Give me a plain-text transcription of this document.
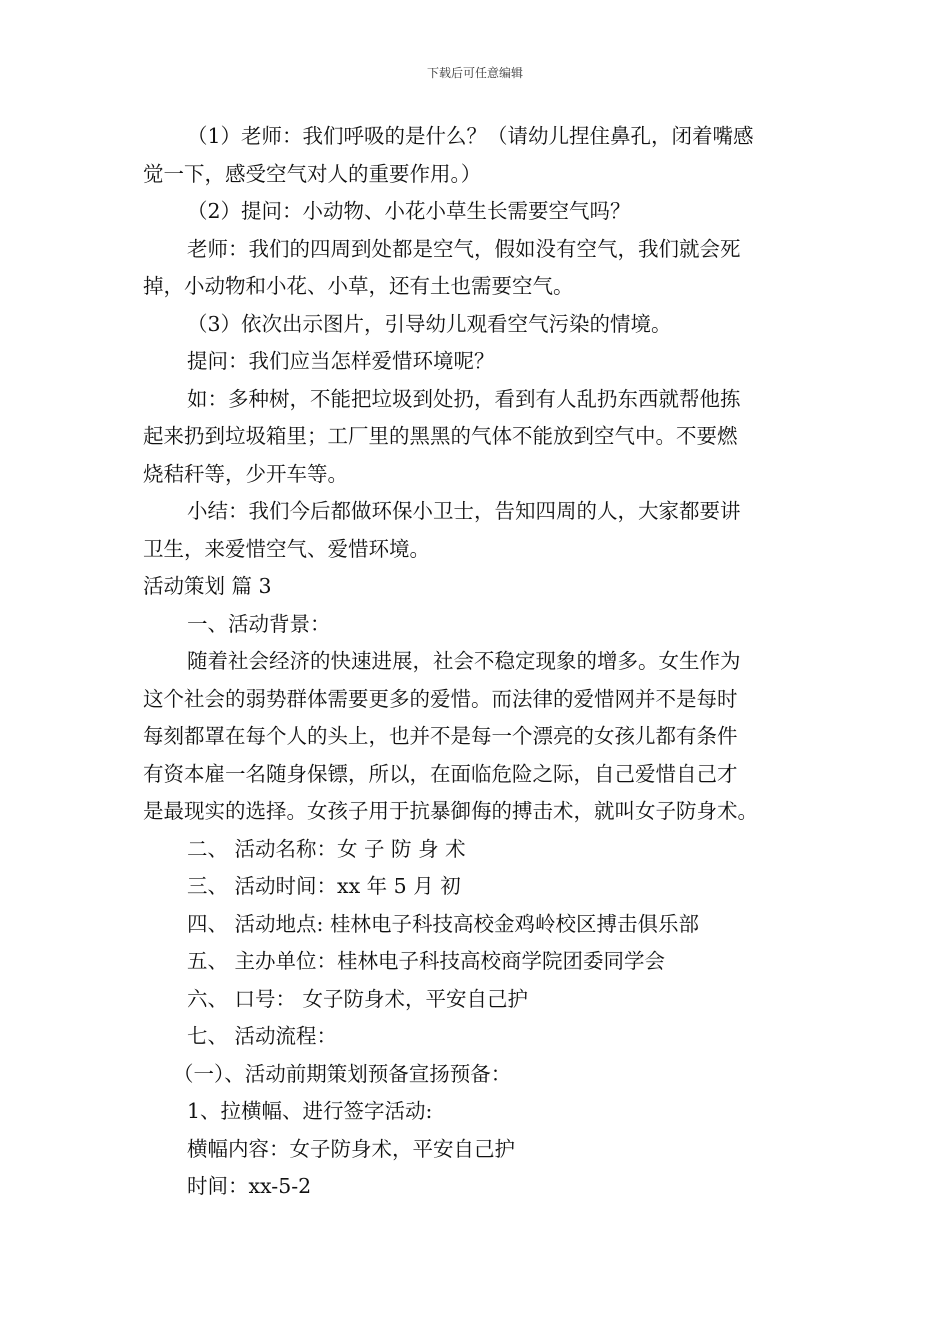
下载后可任意编辑
（1）老师：我们呼吸的是什么？（请幼儿捏住鼻孔，闭着嘴感
觉一下，感受空气对人的重要作用。）
（2）提问：小动物、小花小草生长需要空气吗？
老师：我们的四周到处都是空气，假如没有空气，我们就会死
掉，小动物和小花、小草，还有土也需要空气。
（3）依次出示图片，引导幼儿观看空气污染的情境。
提问：我们应当怎样爱惜环境呢？
如：多种树，不能把垃圾到处扔，看到有人乱扔东西就帮他拣
起来扔到垃圾箱里；工厂里的黑黑的气体不能放到空气中。不要燃
烧秸秆等，少开车等。
小结：我们今后都做环保小卫士，告知四周的人，大家都要讲
卫生，来爱惜空气、爱惜环境。
活动策划 篇 3
一、活动背景：
随着社会经济的快速进展，社会不稳定现象的增多。女生作为
这个社会的弱势群体需要更多的爱惜。而法律的爱惜网并不是每时
每刻都罩在每个人的头上，也并不是每一个漂亮的女孩儿都有条件
有资本雇一名随身保镖，所以，在面临危险之际，自己爱惜自己才
是最现实的选择。女孩子用于抗暴御侮的搏击术，就叫女子防身术。
二、 活动名称：女 子 防 身 术
三、 活动时间：xx 年 5 月 初
四、 活动地点: 桂林电子科技高校金鸡岭校区搏击俱乐部
五、 主办单位：桂林电子科技高校商学院团委同学会
六、 口号： 女子防身术，平安自己护
七、 活动流程：
（一）、活动前期策划预备宣扬预备：
1、拉横幅、进行签字活动:
横幅内容：女子防身术，平安自己护
时间：xx-5-2
